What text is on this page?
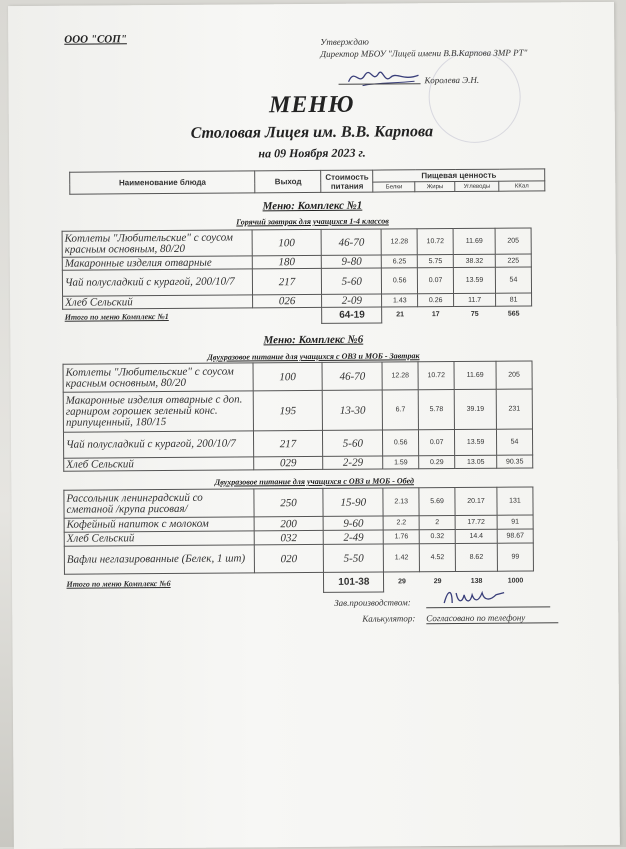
ООО "СОП"	Утверждаю
Директор МБОУ "Лицей имени В.В.Карпова ЗМР РТ"
Королева Э.Н.
МЕНЮ
Столовая Лицея им. В.В. Карпова
на 09 Ноября 2023 г.
Наименование блюда	Выход	Стоимость питания	Пищевая ценность			
			Белки	Жиры	Углеводы	ККал
Меню: Комплекс №1
Горячий завтрак для учащихся 1-4 классов
Котлеты "Любительские" с соусом красным основным, 80/20	100	46-70	12.28	10.72	11.69	205
Макаронные изделия отварные	180	9-80	6.25	5.75	38.32	225
Чай полусладкий с курагой, 200/10/7	217	5-60	0.56	0.07	13.59	54
Хлеб Сельский	026	2-09	1.43	0.26	11.7	81
Итого по меню Комплекс №1		64-19	21	17	75	565
Меню: Комплекс №6
Двухразовое питание для учащихся с ОВЗ и МОБ - Завтрак
Котлеты "Любительские" с соусом красным основным, 80/20	100	46-70	12.28	10.72	11.69	205
Макаронные изделия отварные с доп. гарниром горошек зеленый конс. припущенный, 180/15	195	13-30	6.7	5.78	39.19	231
Чай полусладкий с курагой, 200/10/7	217	5-60	0.56	0.07	13.59	54
Хлеб Сельский	029	2-29	1.59	0.29	13.05	90.35
Двухразовое питание для учащихся с ОВЗ и МОБ - Обед
Рассольник ленинградский со сметаной /крупа рисовая/	250	15-90	2.13	5.69	20.17	131
Кофейный напиток с молоком	200	9-60	2.2	2	17.72	91
Хлеб Сельский	032	2-49	1.76	0.32	14.4	98.67
Вафли неглазированные (Белек, 1 шт)	020	5-50	1.42	4.52	8.62	99
Итого по меню Комплекс №6		101-38	29	29	138	1000
Зав.производством:
Калькулятор: Согласовано по телефону
